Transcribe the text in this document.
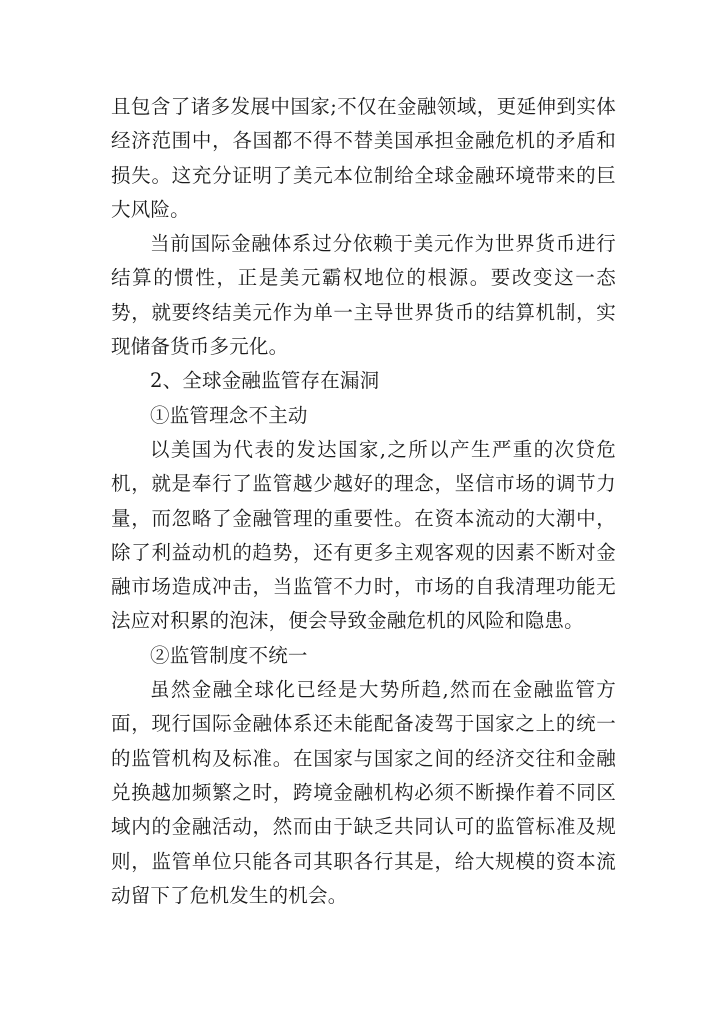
且包含了诸多发展中国家;不仅在金融领域，更延伸到实体经济范围中，各国都不得不替美国承担金融危机的矛盾和损失。这充分证明了美元本位制给全球金融环境带来的巨大风险。

当前国际金融体系过分依赖于美元作为世界货币进行结算的惯性，正是美元霸权地位的根源。要改变这一态势，就要终结美元作为单一主导世界货币的结算机制，实现储备货币多元化。

2、全球金融监管存在漏洞

①监管理念不主动

以美国为代表的发达国家,之所以产生严重的次贷危机，就是奉行了监管越少越好的理念，坚信市场的调节力量，而忽略了金融管理的重要性。在资本流动的大潮中，除了利益动机的趋势，还有更多主观客观的因素不断对金融市场造成冲击，当监管不力时，市场的自我清理功能无法应对积累的泡沫，便会导致金融危机的风险和隐患。

②监管制度不统一

虽然金融全球化已经是大势所趋,然而在金融监管方面，现行国际金融体系还未能配备凌驾于国家之上的统一的监管机构及标准。在国家与国家之间的经济交往和金融兑换越加频繁之时，跨境金融机构必须不断操作着不同区域内的金融活动，然而由于缺乏共同认可的监管标准及规则，监管单位只能各司其职各行其是，给大规模的资本流动留下了危机发生的机会。
